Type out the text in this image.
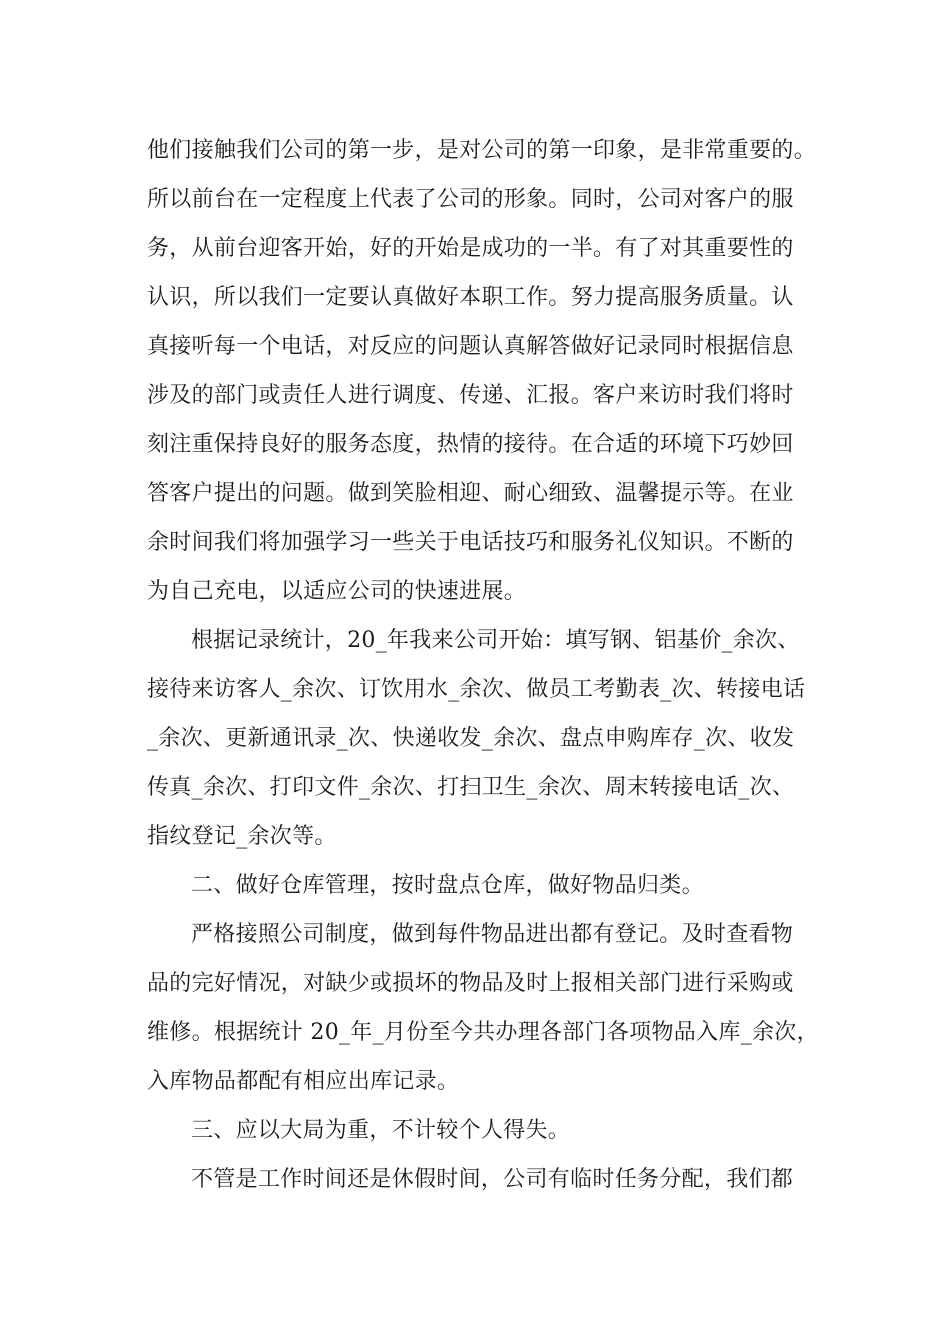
他们接触我们公司的第一步，是对公司的第一印象，是非常重要的。
所以前台在一定程度上代表了公司的形象。同时，公司对客户的服
务，从前台迎客开始，好的开始是成功的一半。有了对其重要性的
认识，所以我们一定要认真做好本职工作。努力提高服务质量。认
真接听每一个电话，对反应的问题认真解答做好记录同时根据信息
涉及的部门或责任人进行调度、传递、汇报。客户来访时我们将时
刻注重保持良好的服务态度，热情的接待。在合适的环境下巧妙回
答客户提出的问题。做到笑脸相迎、耐心细致、温馨提示等。在业
余时间我们将加强学习一些关于电话技巧和服务礼仪知识。不断的
为自己充电，以适应公司的快速进展。
根据记录统计，20_年我来公司开始：填写钢、铝基价_余次、
接待来访客人_余次、订饮用水_余次、做员工考勤表_次、转接电话
_余次、更新通讯录_次、快递收发_余次、盘点申购库存_次、收发
传真_余次、打印文件_余次、打扫卫生_余次、周末转接电话_次、
指纹登记_余次等。
二、做好仓库管理，按时盘点仓库，做好物品归类。
严格接照公司制度，做到每件物品进出都有登记。及时查看物
品的完好情况，对缺少或损坏的物品及时上报相关部门进行采购或
维修。根据统计 20_年_月份至今共办理各部门各项物品入库_余次，
入库物品都配有相应出库记录。
三、应以大局为重，不计较个人得失。
不管是工作时间还是休假时间，公司有临时任务分配，我们都
